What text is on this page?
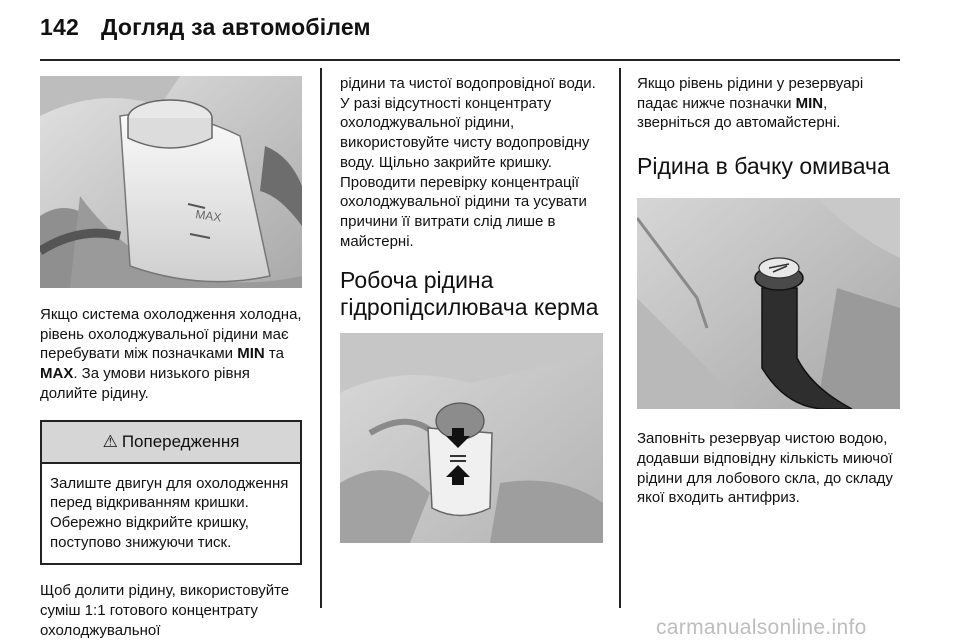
142 Догляд за автомобілем
MAX

Якщо система охолодження холодна, рівень охолоджувальної рідини має перебувати між позначками MIN та MAX. За умови низького рівня долийте рідину.

⚠ Попередження

Залиште двигун для охолодження перед відкриванням кришки. Обережно відкрийте кришку, поступово знижуючи тиск.

Щоб долити рідину, використовуйте суміш 1:1 готового концентрату охолоджувальної

рідини та чистої водопровідної води. У разі відсутності концентрату охолоджувальної рідини, використовуйте чисту водопровідну воду. Щільно закрийте кришку. Проводити перевірку концентрації охолоджувальної рідини та усувати причини її витрати слід лише в майстерні.

Робоча рідина гідропідсилювача керма

Якщо рівень рідини у резервуарі падає нижче позначки MIN, зверніться до автомайстерні.

Рідина в бачку омивача

Заповніть резервуар чистою водою, додавши відповідну кількість миючої рідини для лобового скла, до складу якої входить антифриз.

carmanualsonline.info
